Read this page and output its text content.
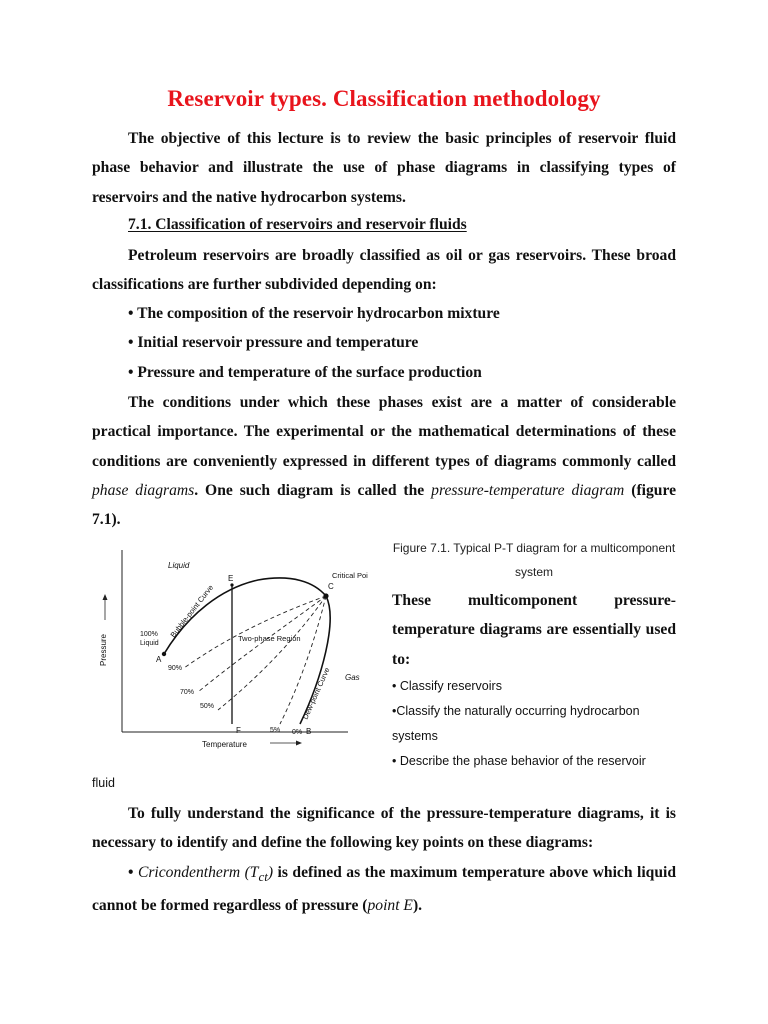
Reservoir types. Classification methodology

The objective of this lecture is to review the basic principles of reservoir fluid phase behavior and illustrate the use of phase diagrams in classifying types of reservoirs and the native hydrocarbon systems.

7.1. Classification of reservoirs and reservoir fluids

Petroleum reservoirs are broadly classified as oil or gas reservoirs. These broad classifications are further subdivided depending on:

• The composition of the reservoir hydrocarbon mixture
• Initial reservoir pressure and temperature
• Pressure and temperature of the surface production

The conditions under which these phases exist are a matter of considerable practical importance. The experimental or the mathematical determinations of these conditions are conveniently expressed in different types of diagrams commonly called phase diagrams. One such diagram is called the pressure-temperature diagram (figure 7.1).

Pressure
Temperature
Liquid
Gas
Critical Poi
E
C
A
F	B
Bubble-point Curve
Dew-point Curve
Two-phase Region
100%
Liquid
90%
70%
50%
5% 0%
Figure 7.1. Typical P-T diagram for a multicomponent system
These multicomponent pressure-temperature diagrams are essentially used to:
• Classify reservoirs
•Classify the naturally occurring hydrocarbon systems
• Describe the phase behavior of the reservoir
fluid

To fully understand the significance of the pressure-temperature diagrams, it is necessary to identify and define the following key points on these diagrams:

• Cricondentherm $(T_{ct})$ is defined as the maximum temperature above which liquid cannot be formed regardless of pressure (point E).
